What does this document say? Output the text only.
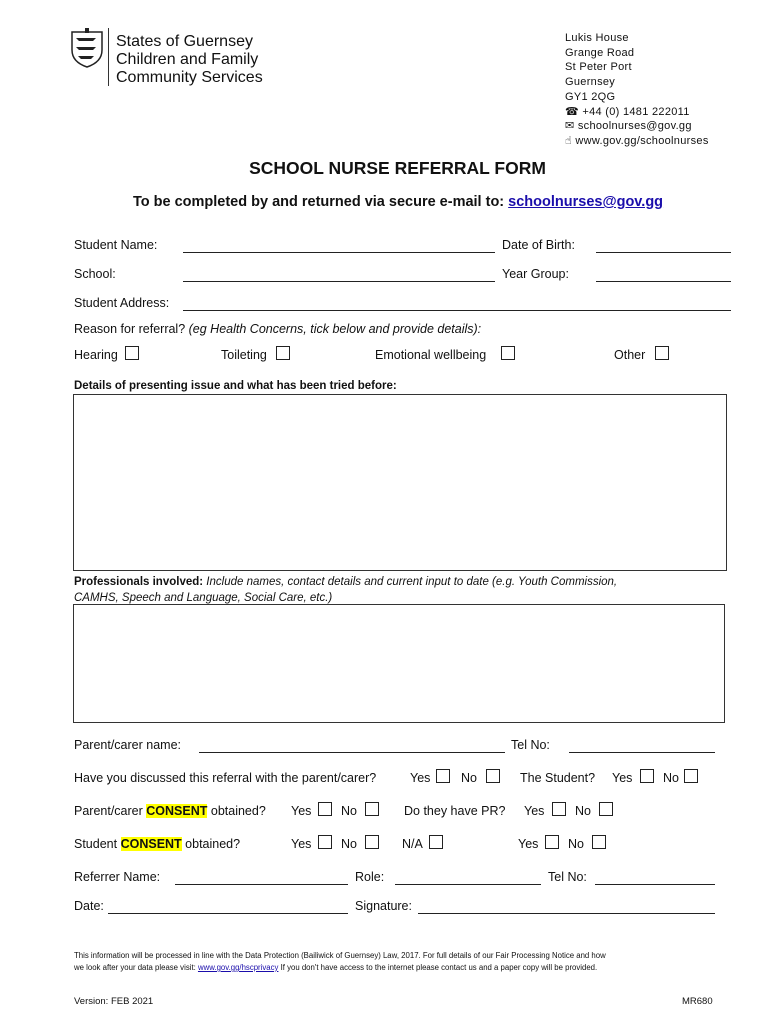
States of Guernsey
Children and Family
Community Services
Lukis House
Grange Road
St Peter Port
Guernsey
GY1 2QG
☎ +44 (0) 1481 222011
✉ schoolnurses@gov.gg
☝ www.gov.gg/schoolnurses
SCHOOL NURSE REFERRAL FORM
To be completed by and returned via secure e-mail to: schoolnurses@gov.gg
Student Name:	Date of Birth:
School:	Year Group:
Student Address:
Reason for referral? (eg Health Concerns, tick below and provide details):
Hearing	Toileting	Emotional wellbeing	Other
Details of presenting issue and what has been tried before:
Professionals involved: Include names, contact details and current input to date (e.g. Youth Commission,
CAMHS, Speech and Language, Social Care, etc.)
Parent/carer name:	Tel No:
Have you discussed this referral with the parent/carer?	Yes No	The Student? Yes No
Parent/carer CONSENT obtained? Yes No	Do they have PR? Yes No
Student CONSENT obtained?	Yes No	N/A	Yes No
Referrer Name:	Role:	Tel No:
Date:	Signature:
This information will be processed in line with the Data Protection (Bailiwick of Guernsey) Law, 2017. For full details of our Fair Processing Notice and how
we look after your data please visit: www.gov.gg/hscprivacy If you don't have access to the internet please contact us and a paper copy will be provided.
Version: FEB 2021	MR680
